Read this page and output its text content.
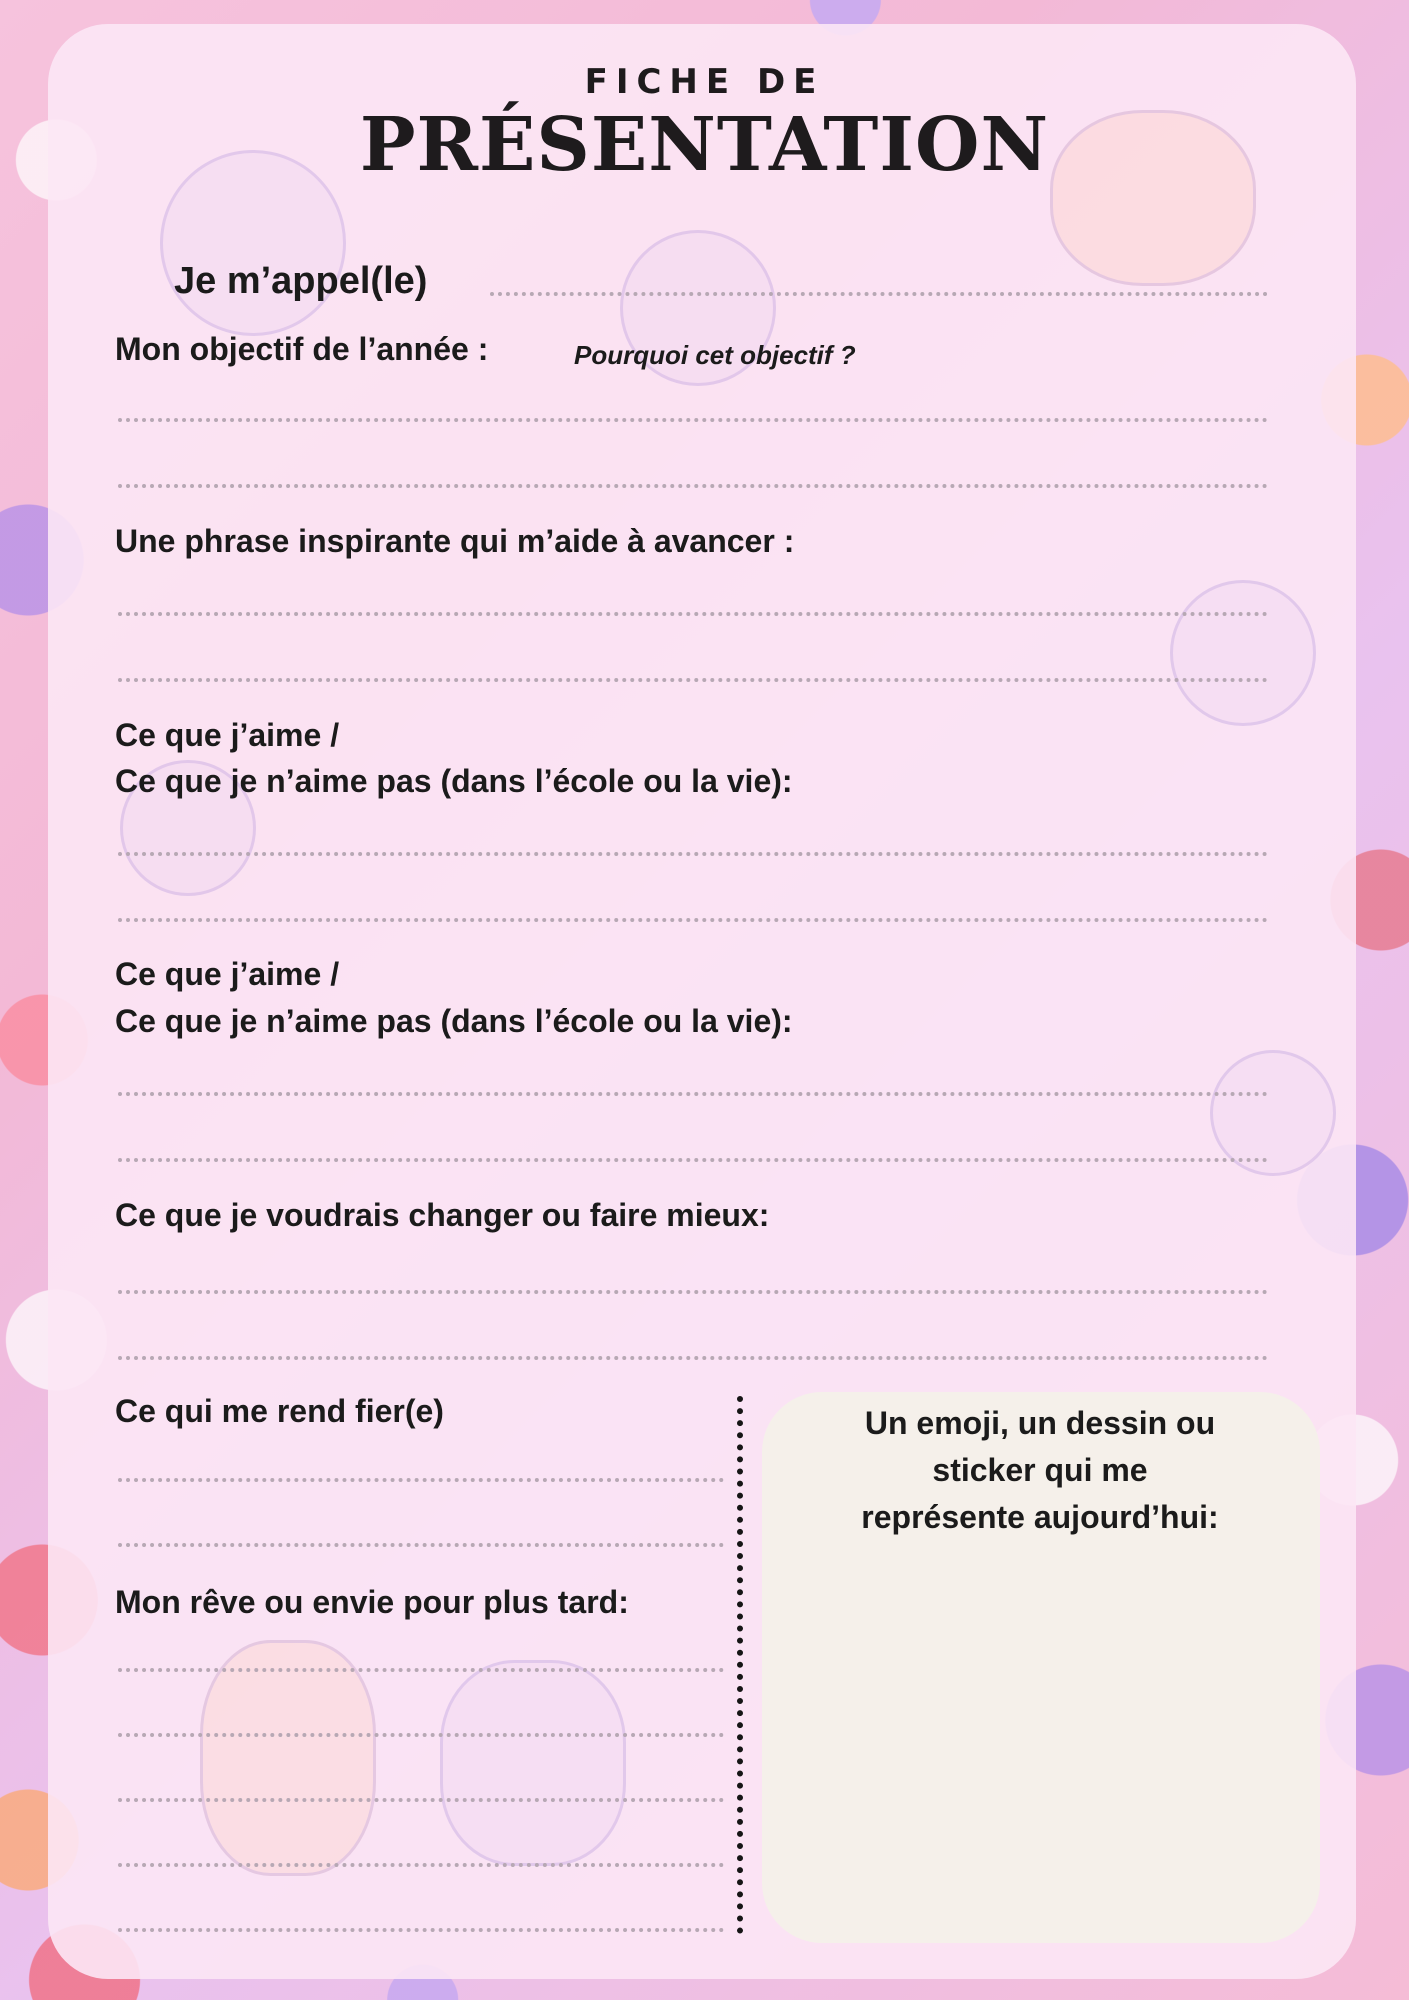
FICHE DE
PRÉSENTATION
Je m’appel(le)
Mon objectif de l’année :	Pourquoi cet objectif ?
Une phrase inspirante qui m’aide à avancer :
Ce que j’aime /
Ce que je n’aime pas (dans l’école ou la vie):
Ce que j’aime /
Ce que je n’aime pas (dans l’école ou la vie):
Ce que je voudrais changer ou faire mieux:
Ce qui me rend fier(e)
Mon rêve ou envie pour plus tard:
Un emoji, un dessin ou
sticker qui me
représente aujourd’hui:
